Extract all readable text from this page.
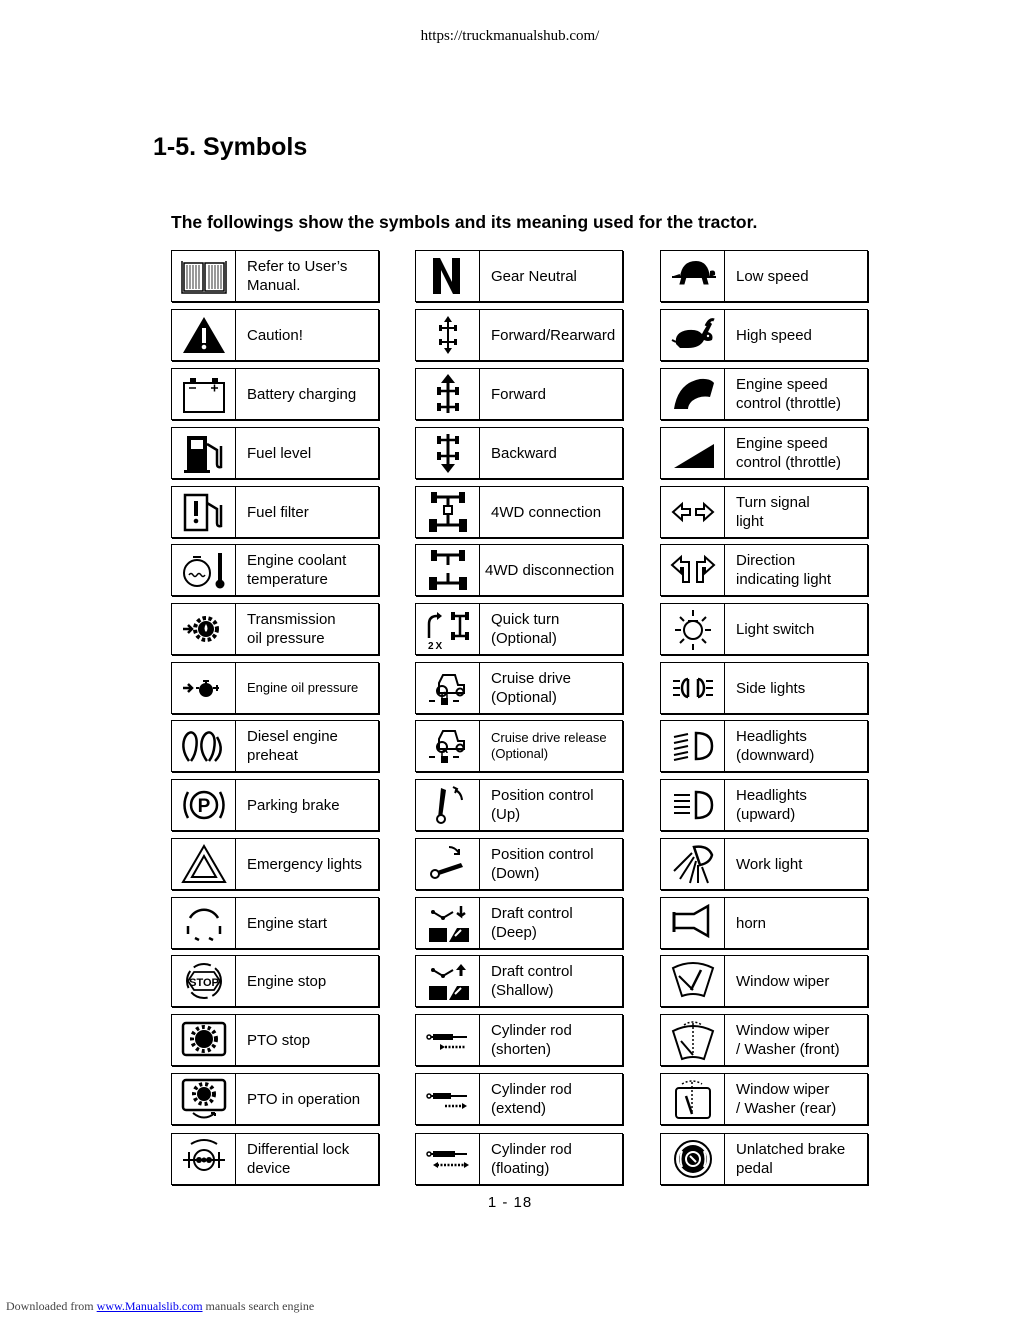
https://truckmanualshub.com/
1-5. Symbols
The followings show the symbols and its meaning used for the tractor.
Refer to User’s
Manual.
Caution!
Battery charging
Fuel level
Fuel filter
Engine coolant
temperature
Transmission
oil pressure
Engine oil pressure
Diesel engine
preheat
P	Parking brake
Emergency lights
Engine start
STOP	Engine stop
PTO stop
PTO in operation
Differential lock
device
Gear Neutral
Forward/Rearward
Forward
Backward
4WD connection
4WD disconnection
2X
Quick turn
(Optional)
Cruise drive
(Optional)
Cruise drive release
(Optional)
Position control
(Up)
Position control
(Down)
Draft control
(Deep)
Draft control
(Shallow)
Cylinder rod
(shorten)
Cylinder rod
(extend)
Cylinder rod
(floating)
Low speed
High speed
Engine speed
control (throttle)
Engine speed
control (throttle)
Turn signal
light
Direction
indicating light
Light switch
Side lights
Headlights
(downward)
Headlights
(upward)
Work light
horn
Window wiper
Window wiper
/ Washer (front)
Window wiper
/ Washer (rear)
Unlatched brake
pedal
1 - 18
Downloaded from www.Manualslib.com manuals search engine
